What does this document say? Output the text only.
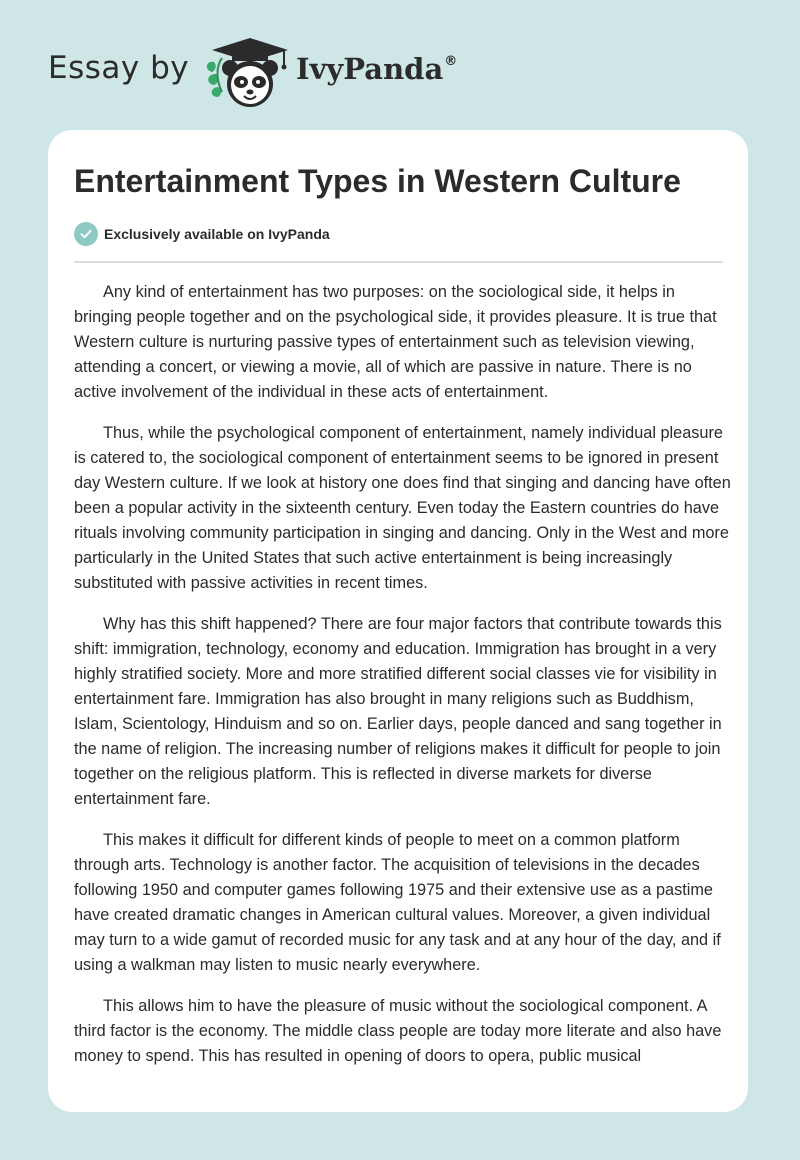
Essay by	IvyPanda®
Entertainment Types in Western Culture
Exclusively available on IvyPanda

Any kind of entertainment has two purposes: on the sociological side, it helps in bringing people together and on the psychological side, it provides pleasure. It is true that Western culture is nurturing passive types of entertainment such as television viewing, attending a concert, or viewing a movie, all of which are passive in nature. There is no active involvement of the individual in these acts of entertainment.

Thus, while the psychological component of entertainment, namely individual pleasure is catered to, the sociological component of entertainment seems to be ignored in present day Western culture. If we look at history one does find that singing and dancing have often been a popular activity in the sixteenth century. Even today the Eastern countries do have rituals involving community participation in singing and dancing. Only in the West and more particularly in the United States that such active entertainment is being increasingly substituted with passive activities in recent times.

Why has this shift happened? There are four major factors that contribute towards this shift: immigration, technology, economy and education. Immigration has brought in a very highly stratified society. More and more stratified different social classes vie for visibility in entertainment fare. Immigration has also brought in many religions such as Buddhism, Islam, Scientology, Hinduism and so on. Earlier days, people danced and sang together in the name of religion. The increasing number of religions makes it difficult for people to join together on the religious platform. This is reflected in diverse markets for diverse entertainment fare.

This makes it difficult for different kinds of people to meet on a common platform through arts. Technology is another factor. The acquisition of televisions in the decades following 1950 and computer games following 1975 and their extensive use as a pastime have created dramatic changes in American cultural values. Moreover, a given individual may turn to a wide gamut of recorded music for any task and at any hour of the day, and if using a walkman may listen to music nearly everywhere.

This allows him to have the pleasure of music without the sociological component. A third factor is the economy. The middle class people are today more literate and also have money to spend. This has resulted in opening of doors to opera, public musical
